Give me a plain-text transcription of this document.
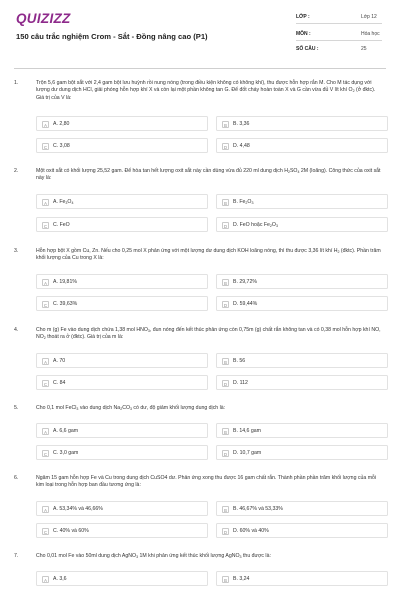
QUIZIZZ
150 câu trắc nghiệm Crom - Sắt - Đồng nâng cao (P1)
LỚP :	Lớp 12
MÔN :	Hóa học
SỐ CÂU :	25
1.	Trộn 5,6 gam bột sắt với 2,4 gam bột lưu huỳnh rồi nung nóng (trong điều kiện không có không khí), thu được hỗn hợp rắn M. Cho M tác dụng với lượng dư dung dịch HCl, giải phóng hỗn hợp khí X và còn lại một phần không tan G. Để đốt cháy hoàn toàn X và G cần vừa đủ V lít khí $O_2$ (ở đktc). Giá trị của V là:
A	A. 2,80	B	B. 3,36
C	C. 3,08	D	D. 4,48
2.	Một oxit sắt có khối lượng 25,52 gam. Để hòa tan hết lượng oxit sắt này cần dùng vừa đủ 220 ml dung dịch $H_2SO_4$ 2M (loãng). Công thức của oxit sắt này là:
A	A. $Fe_3O_4$	B	B. $Fe_2O_3$
C	C. FeO	D	D. FeO hoặc $Fe_2O_3$
3.	Hỗn hợp bột X gồm Cu, Zn. Nếu cho 0,25 mol X phản ứng với một lượng dư dung dịch KOH loãng nóng, thì thu được 3,36 lít khí $H_2$ (đktc). Phần trăm khối lượng của Cu trong X là:
A	A. 19,81%	B	B. 29,72%
C	C. 39,63%	D	D. 59,44%
4.	Cho m (g) Fe vào dung dịch chứa 1,38 mol $HNO_3$, đun nóng đến kết thúc phản ứng còn 0,75m (g) chất rắn không tan và có 0,38 mol hỗn hợp khí NO, $NO_2$ thoát ra ở (đktc). Giá trị của m là:
A	A. 70	B	B. 56
C	C. 84	D	D. 112
5.	Cho 0,1 mol FeCl$_3$ vào dung dịch $Na_2CO_3$ có dư, độ giảm khối lượng dung dịch là:
A	A. 6,6 gam	B	B. 14,6 gam
C	C. 3,0 gam	D	D. 10,7 gam
6.	Ngâm 15 gam hỗn hợp Fe và Cu trong dung dịch CuSO4 dư. Phản ứng xong thu được 16 gam chất rắn. Thành phần phần trăm khối lượng của mỗi kim loại trong hỗn hợp ban đầu tương ứng là:
A	A. 53,34% và 46,66%	B	B. 46,67% và 53,33%
C	C. 40% và 60%	D	D. 60% và 40%
7.	Cho 0,01 mol Fe vào 50ml dung dịch AgNO$_3$ 1M khi phản ứng kết thúc khối lượng AgNO$_3$ thu được là:
A	A. 3,6	B	B. 3,24
